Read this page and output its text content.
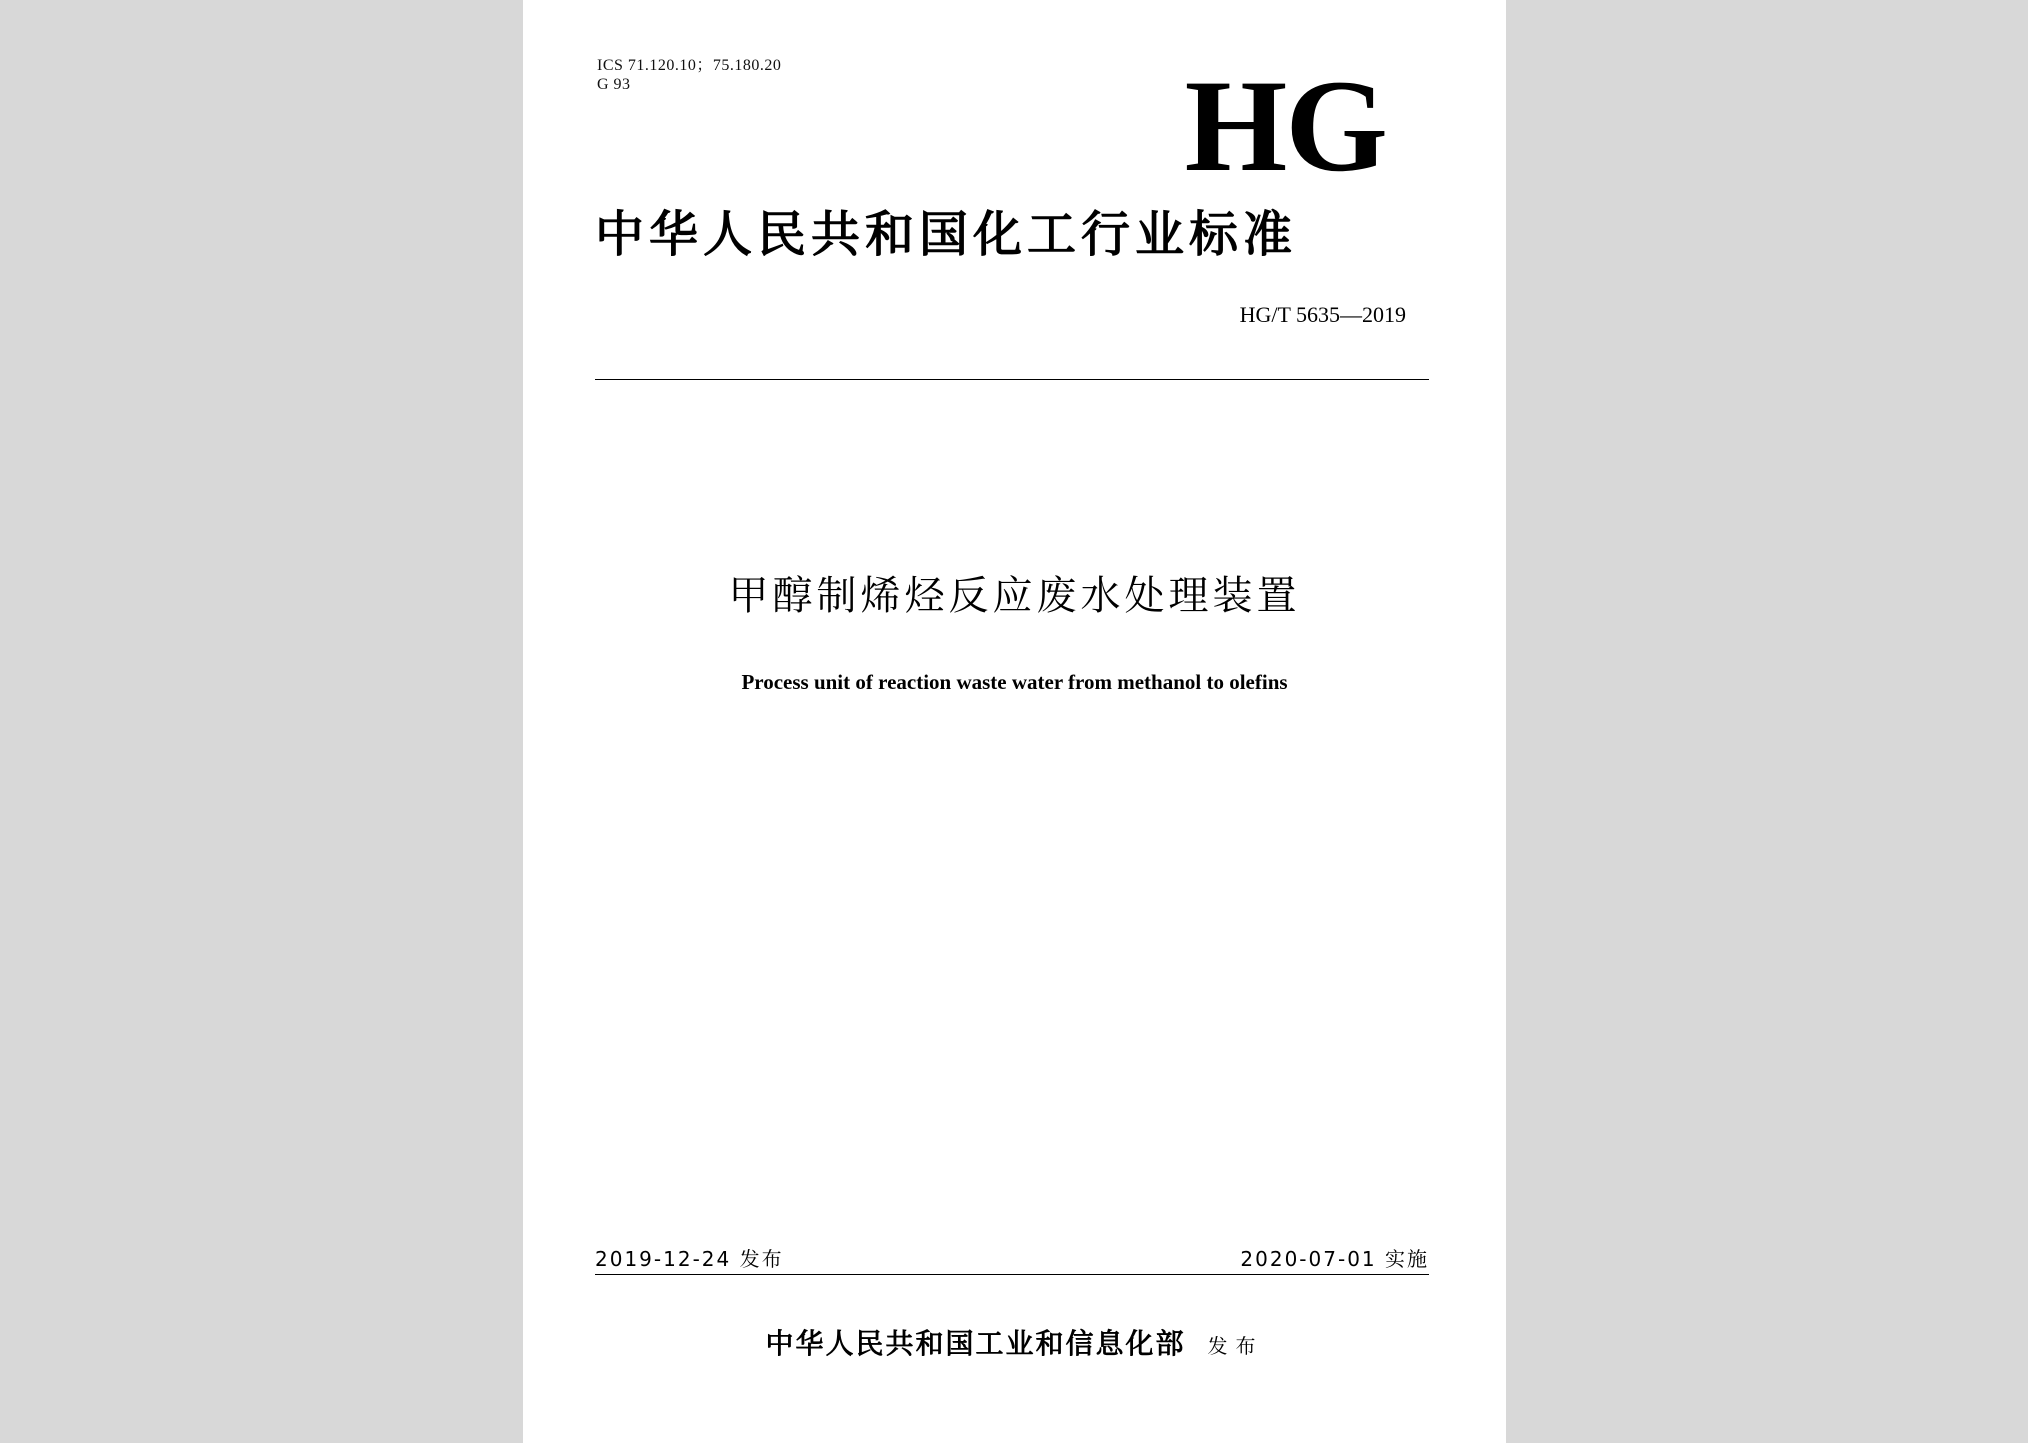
ICS 71.120.10；75.180.20
G 93	HG
中华人民共和国化工行业标准
HG/T 5635—2019
甲醇制烯烃反应废水处理装置
Process unit of reaction waste water from methanol to olefins
2019-12-24 发布	2020-07-01 实施
中华人民共和国工业和信息化部 发布
